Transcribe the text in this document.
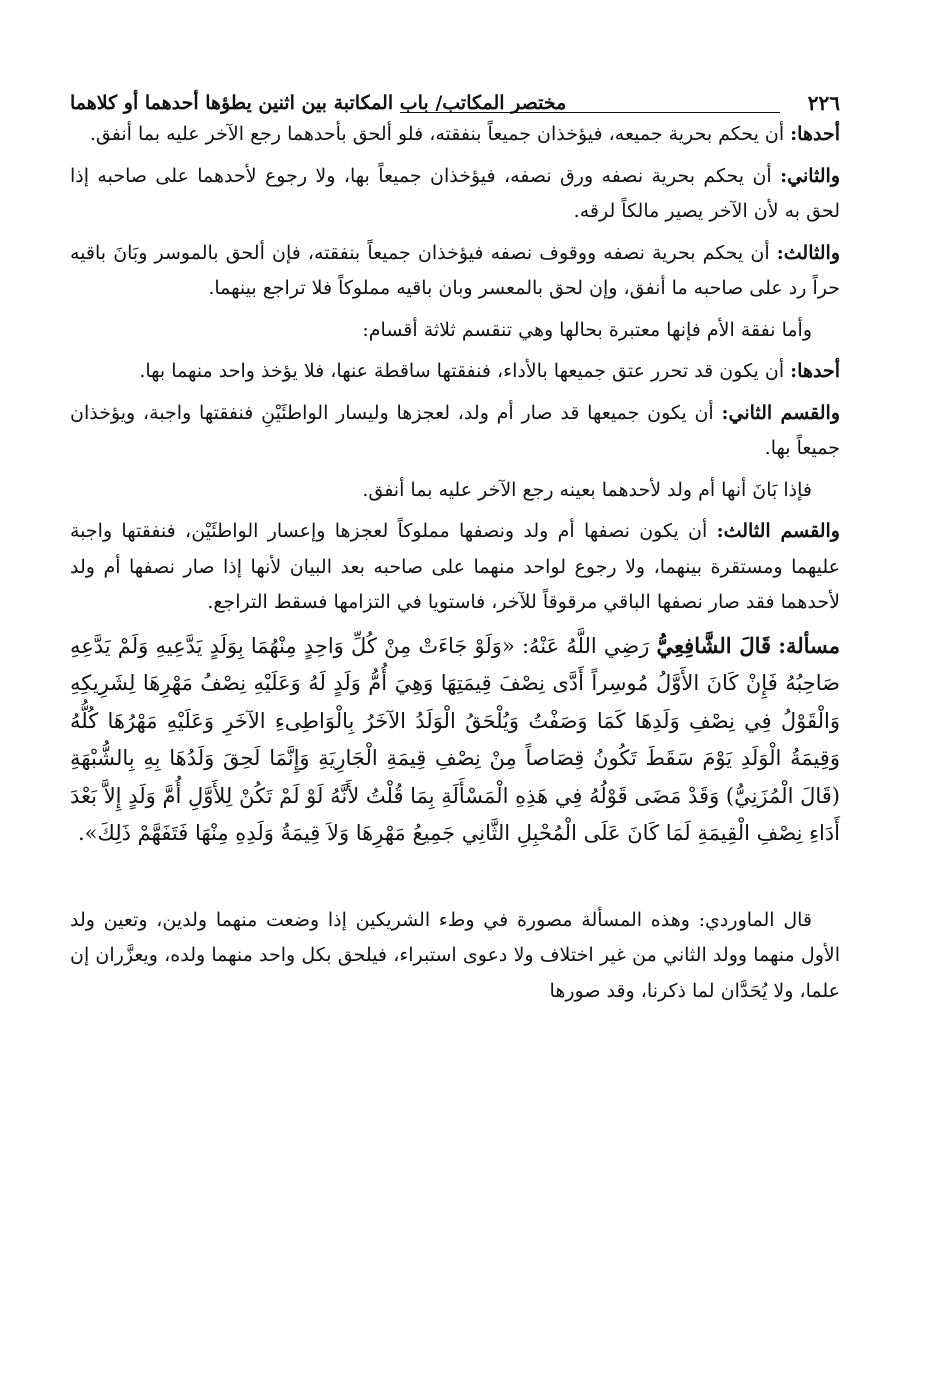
٢٢٦
مختصر المكاتب/ باب المكاتبة بين اثنين يطؤها أحدهما أو كلاهما

أحدها: أن يحكم بحرية جميعه، فيؤخذان جميعاً بنفقته، فلو ألحق بأحدهما رجع الآخر عليه بما أنفق.

والثاني: أن يحكم بحرية نصفه ورق نصفه، فيؤخذان جميعاً بها، ولا رجوع لأحدهما على صاحبه إذا لحق به لأن الآخر يصير مالكاً لرقه.

والثالث: أن يحكم بحرية نصفه ووقوف نصفه فيؤخذان جميعاً بنفقته، فإن ألحق بالموسر وبَانَ باقيه حراً رد على صاحبه ما أنفق، وإن لحق بالمعسر وبان باقيه مملوكاً فلا تراجع بينهما.

وأما نفقة الأم فإنها معتبرة بحالها وهي تنقسم ثلاثة أقسام:

أحدها: أن يكون قد تحرر عتق جميعها بالأداء، فنفقتها ساقطة عنها، فلا يؤخذ واحد منهما بها.

والقسم الثاني: أن يكون جميعها قد صار أم ولد، لعجزها وليسار الواطئَيْنِ فنفقتها واجبة، ويؤخذان جميعاً بها.

فإذا بَانَ أنها أم ولد لأحدهما بعينه رجع الآخر عليه بما أنفق.

والقسم الثالث: أن يكون نصفها أم ولد ونصفها مملوكاً لعجزها وإعسار الواطئَيْن، فنفقتها واجبة عليهما ومستقرة بينهما، ولا رجوع لواحد منهما على صاحبه بعد البيان لأنها إذا صار نصفها أم ولد لأحدهما فقد صار نصفها الباقي مرقوقاً للآخر، فاستويا في التزامها فسقط التراجع.

مسألة: قَالَ الشَّافِعِيُّ رَضِي اللَّهُ عَنْهُ: «وَلَوْ جَاءَتْ مِنْ كُلِّ وَاحِدٍ مِنْهُمَا بِوَلَدٍ يَدَّعِيهِ وَلَمْ يَدَّعِهِ صَاحِبُهُ فَإِنْ كَانَ الأَوَّلُ مُوسِراً أَدَّى نِصْفَ قِيمَتِهَا وَهِيَ أُمُّ وَلَدٍ لَهُ وَعَلَيْهِ نِصْفُ مَهْرِهَا لِشَرِيكِهِ وَالْقَوْلُ فِي نِصْفِ وَلَدِهَا كَمَا وَصَفْتُ وَيُلْحَقُ الْوَلَدُ الآخَرُ بِالْوَاطِىءِ الآخَرِ وَعَلَيْهِ مَهْرُهَا كُلُّهُ وَقِيمَةُ الْوَلَدِ يَوْمَ سَقَطَ تَكُونُ قِصَاصاً مِنْ نِصْفِ قِيمَةِ الْجَارِيَةِ وَإِنَّمَا لَحِقَ وَلَدُهَا بِهِ بِالشُّبْهَةِ (قَالَ الْمُزَنِيُّ) وَقَدْ مَضَى قَوْلُهُ فِي هَذِهِ الْمَسْأَلَةِ بِمَا قُلْتُ لأَنَّهُ لَوْ لَمْ تَكُنْ لِلأَوَّلِ أُمَّ وَلَدٍ إِلاَّ بَعْدَ أَدَاءِ نِصْفِ الْقِيمَةِ لَمَا كَانَ عَلَى الْمُحْبِلِ الثَّانِي جَمِيعُ مَهْرِهَا وَلاَ قِيمَةُ وَلَدِهِ مِنْهَا فَتَفَهَّمْ ذَلِكَ».

قال الماوردي: وهذه المسألة مصورة في وطء الشريكين إذا وضعت منهما ولدين، وتعين ولد الأول منهما وولد الثاني من غير اختلاف ولا دعوى استبراء، فيلحق بكل واحد منهما ولده، ويعزَّران إن علما، ولا يُحَدَّان لما ذكرنا، وقد صورها
